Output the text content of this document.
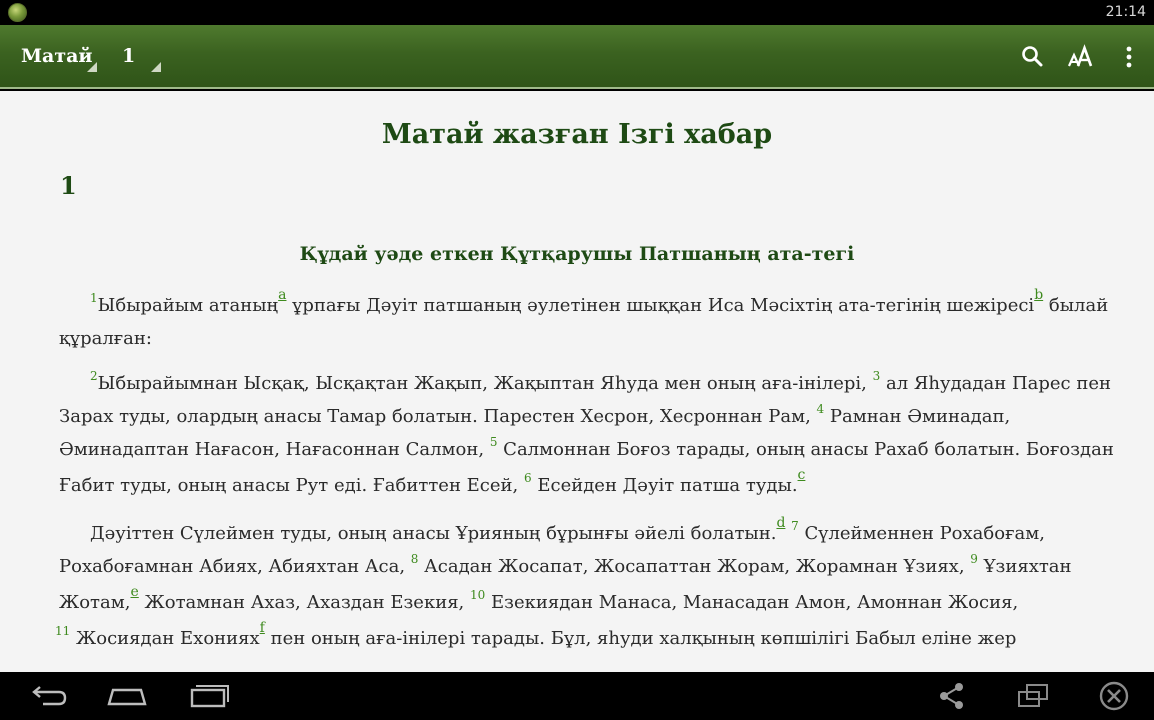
21:14
Матай	1
Матай жазған Ізгі хабар
1
Құдай уәде еткен Құтқарушы Патшаның ата-тегі
$^1$Ыбырайым атаның$^a$ ұрпағы Дәуіт патшаның әулетінен шыққан Иса Мәсіхтің ата-тегінің шежіресі$^b$ былай
құралған:
$^2$Ыбырайымнан Ысқақ, Ысқақтан Жақып, Жақыптан Яһуда мен оның аға-інілері, $^3$ ал Яһудадан Парес пен
Зарах туды, олардың анасы Тамар болатын. Парестен Хесрон, Хесроннан Рам, $^4$ Рамнан Әминадап,
Әминадаптан Нағасон, Нағасоннан Салмон, $^5$ Салмоннан Боғоз тарады, оның анасы Рахаб болатын. Боғоздан
Ғабит туды, оның анасы Рут еді. Ғабиттен Есей, $^6$ Есейден Дәуіт патша туды.$^c$
Дәуіттен Сүлеймен туды, оның анасы Ұрияның бұрынғы әйелі болатын.$^d$ $^7$ Сүлейменнен Рохабоғам,
Рохабоғамнан Абиях, Абияхтан Аса, $^8$ Асадан Жосапат, Жосапаттан Жорам, Жорамнан Ұзиях, $^9$ Ұзияхтан
Жотам,$^e$ Жотамнан Ахаз, Ахаздан Езекия, $^{10}$ Езекиядан Манаса, Манасадан Амон, Амоннан Жосия,
$^{11}$ Жосиядан Ехониях$^f$ пен оның аға-інілері тарады. Бұл, яһуди халқының көпшілігі Бабыл еліне жер
